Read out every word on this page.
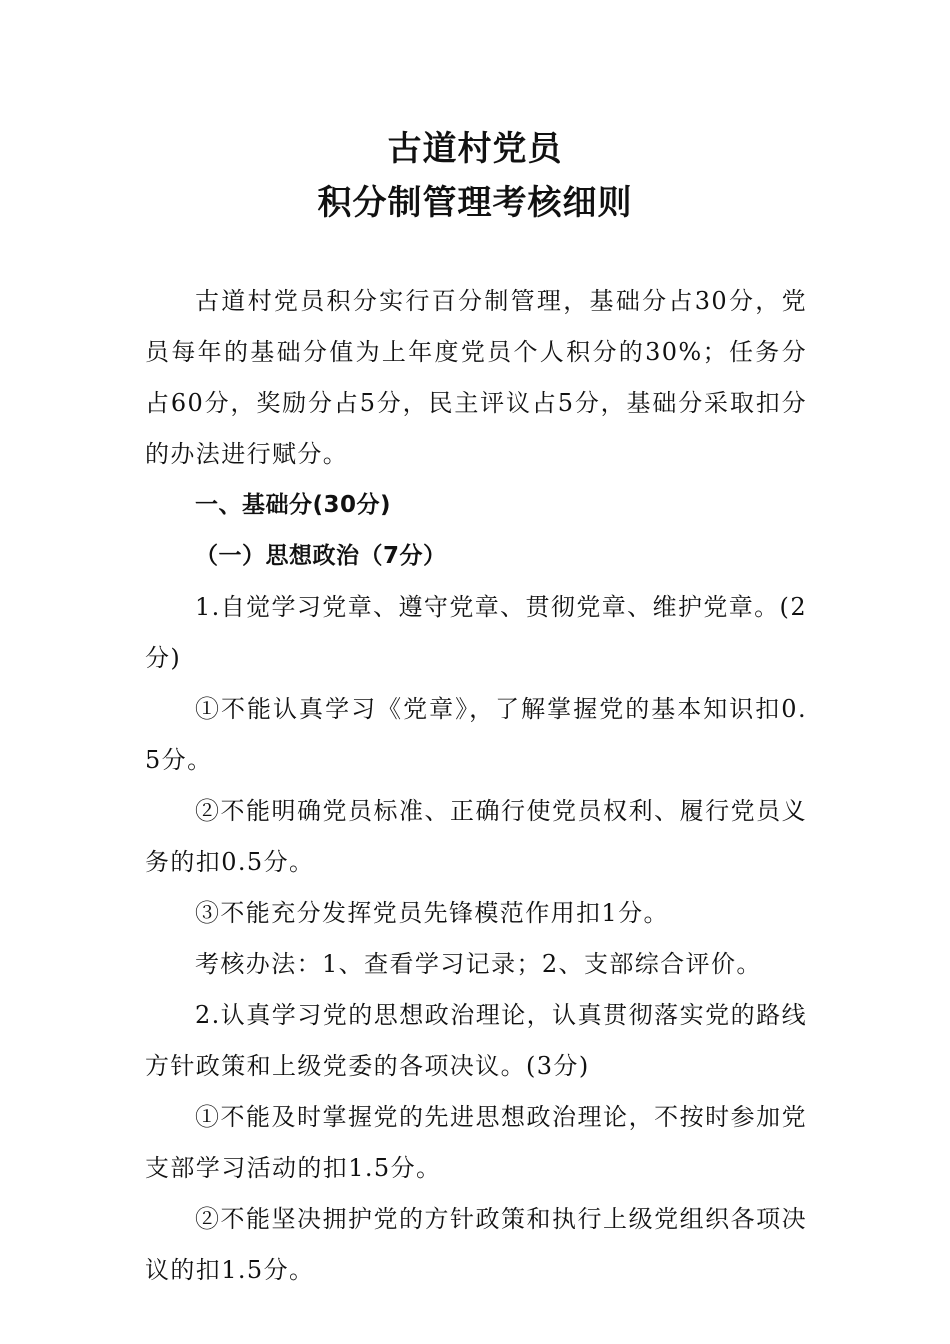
古道村党员
积分制管理考核细则

古道村党员积分实行百分制管理，基础分占30分，党员每年的基础分值为上年度党员个人积分的30%；任务分占60分，奖励分占5分，民主评议占5分，基础分采取扣分的办法进行赋分。

一、基础分(30分)

（一）思想政治（7分）

1.自觉学习党章、遵守党章、贯彻党章、维护党章。(2分)

①不能认真学习《党章》，了解掌握党的基本知识扣0.5分。

②不能明确党员标准、正确行使党员权利、履行党员义务的扣0.5分。

③不能充分发挥党员先锋模范作用扣1分。

考核办法：1、查看学习记录；2、支部综合评价。

2.认真学习党的思想政治理论，认真贯彻落实党的路线方针政策和上级党委的各项决议。(3分)

①不能及时掌握党的先进思想政治理论，不按时参加党支部学习活动的扣1.5分。

②不能坚决拥护党的方针政策和执行上级党组织各项决议的扣1.5分。
